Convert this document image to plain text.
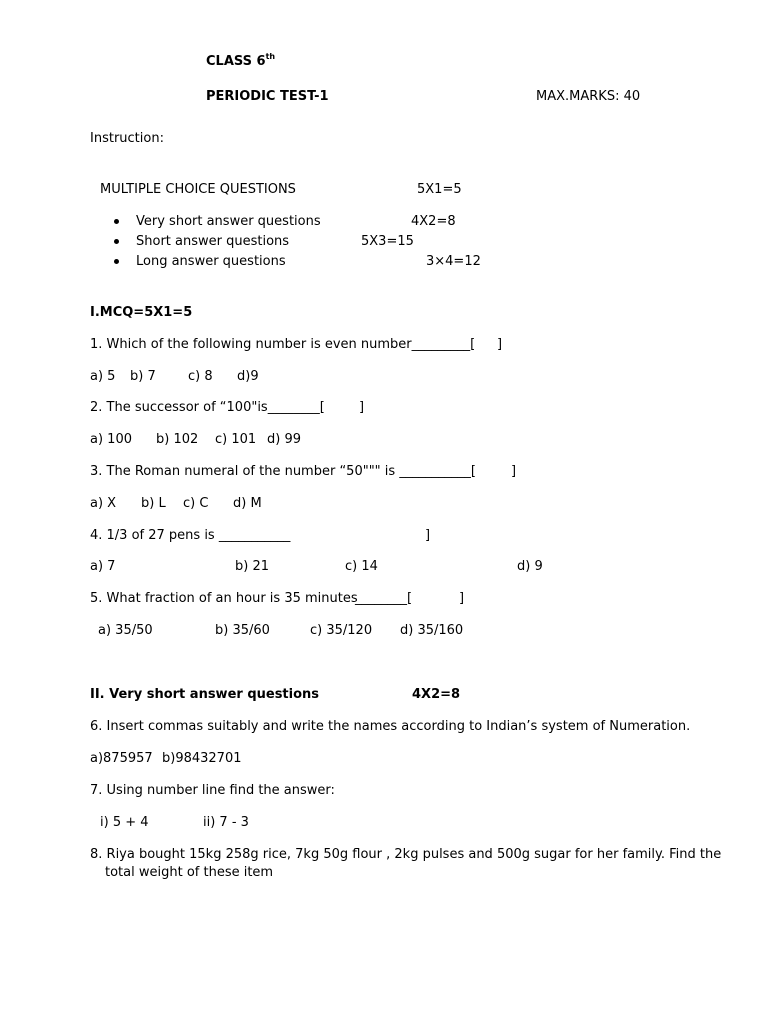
CLASS 6th
PERIODIC TEST-1	MAX.MARKS: 40
Instruction:
MULTIPLE CHOICE QUESTIONS	5X1=5
Very short answer questions	4X2=8
Short answer questions	5X3=15
Long answer questions	3×4=12
I.MCQ=5X1=5
1. Which of the following number is even number_________[ ]
a) 5 b) 7 c) 8 d)9
2. The successor of “100"is________[	]
a) 100 b) 102 c) 101 d) 99
3. The Roman numeral of the number “50""" is ___________[	]
a) X b) L c) C d) M
4. 1/3 of 27 pens is ___________	]
a) 7	b) 21	c) 14	d) 9
5. What fraction of an hour is 35 minutes
________[	]
a) 35/50	b) 35/60	c) 35/120 d) 35/160
II. Very short answer questions	4X2=8
6. Insert commas suitably and write the names according to Indian’s system of Numeration.
a)875957 b)98432701
7. Using number line find the answer:
i) 5 + 4	ii) 7 - 3
8. Riya bought 15kg 258g rice, 7kg 50g flour , 2kg pulses and 500g sugar for her family. Find the
total weight of these item
